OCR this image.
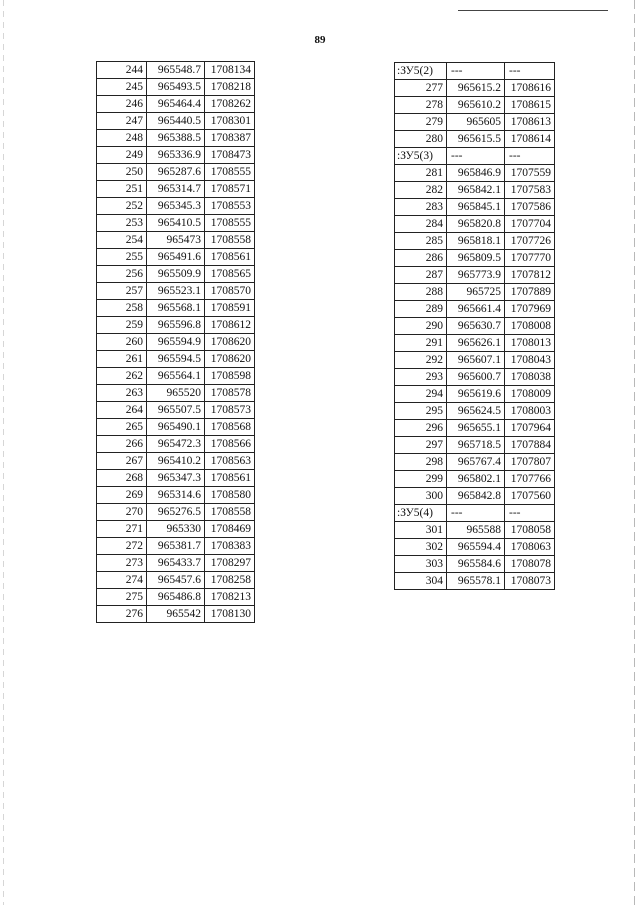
89
244	965548.7	1708134
245	965493.5	1708218
246	965464.4	1708262
247	965440.5	1708301
248	965388.5	1708387
249	965336.9	1708473
250	965287.6	1708555
251	965314.7	1708571
252	965345.3	1708553
253	965410.5	1708555
254	965473	1708558
255	965491.6	1708561
256	965509.9	1708565
257	965523.1	1708570
258	965568.1	1708591
259	965596.8	1708612
260	965594.9	1708620
261	965594.5	1708620
262	965564.1	1708598
263	965520	1708578
264	965507.5	1708573
265	965490.1	1708568
266	965472.3	1708566
267	965410.2	1708563
268	965347.3	1708561
269	965314.6	1708580
270	965276.5	1708558
271	965330	1708469
272	965381.7	1708383
273	965433.7	1708297
274	965457.6	1708258
275	965486.8	1708213
276	965542	1708130
:ЗУ5(2)	---	---
277	965615.2	1708616
278	965610.2	1708615
279	965605	1708613
280	965615.5	1708614
:ЗУ5(3)	---	---
281	965846.9	1707559
282	965842.1	1707583
283	965845.1	1707586
284	965820.8	1707704
285	965818.1	1707726
286	965809.5	1707770
287	965773.9	1707812
288	965725	1707889
289	965661.4	1707969
290	965630.7	1708008
291	965626.1	1708013
292	965607.1	1708043
293	965600.7	1708038
294	965619.6	1708009
295	965624.5	1708003
296	965655.1	1707964
297	965718.5	1707884
298	965767.4	1707807
299	965802.1	1707766
300	965842.8	1707560
:ЗУ5(4)	---	---
301	965588	1708058
302	965594.4	1708063
303	965584.6	1708078
304	965578.1	1708073
